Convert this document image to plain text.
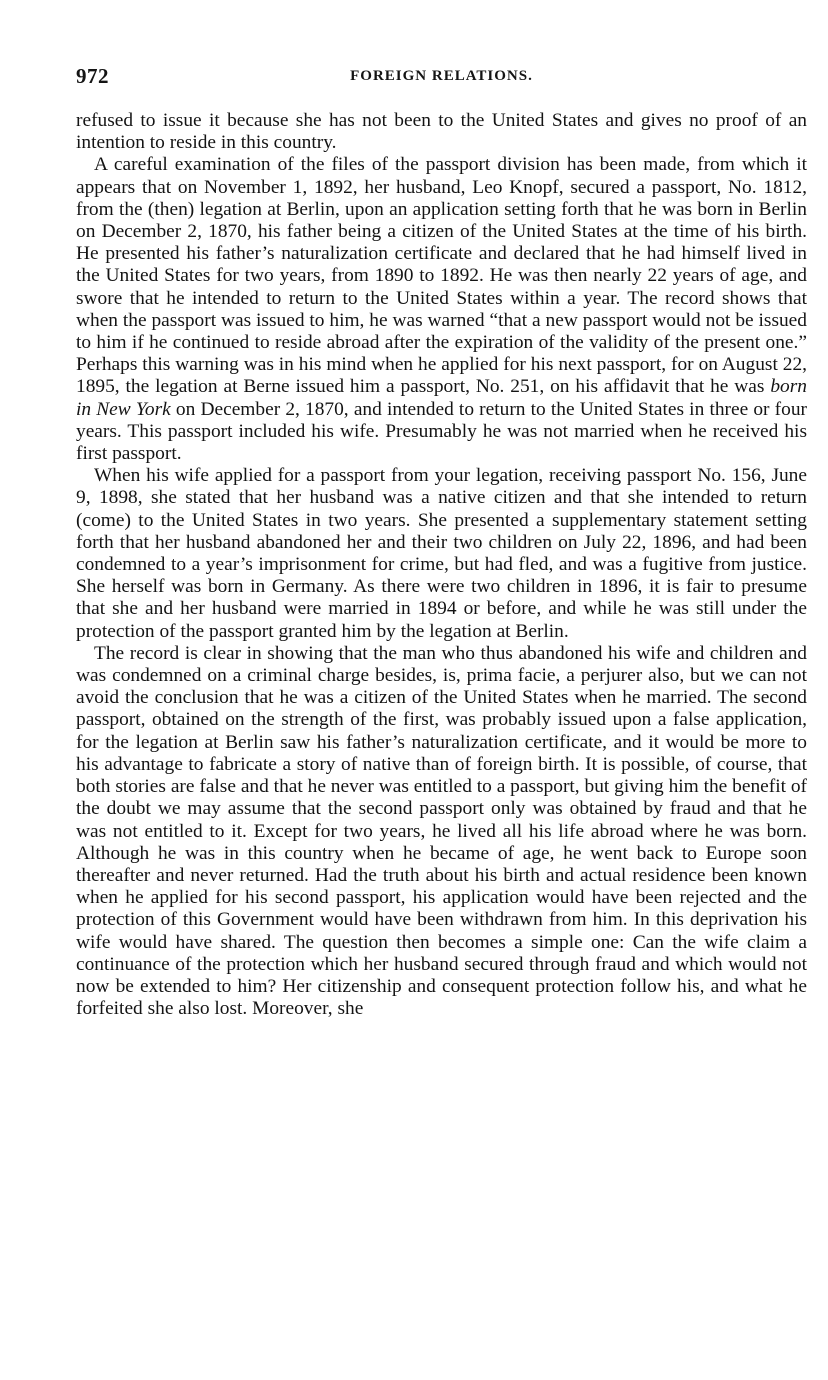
972	FOREIGN RELATIONS.

refused to issue it because she has not been to the United States and gives no proof of an intention to reside in this country.

A careful examination of the files of the passport division has been made, from which it appears that on November 1, 1892, her husband, Leo Knopf, secured a passport, No. 1812, from the (then) legation at Berlin, upon an application setting forth that he was born in Berlin on December 2, 1870, his father being a citizen of the United States at the time of his birth. He presented his father’s naturalization certificate and declared that he had himself lived in the United States for two years, from 1890 to 1892. He was then nearly 22 years of age, and swore that he intended to return to the United States within a year. The record shows that when the passport was issued to him, he was warned “that a new passport would not be issued to him if he continued to reside abroad after the expiration of the validity of the present one.” Perhaps this warning was in his mind when he applied for his next passport, for on August 22, 1895, the legation at Berne issued him a passport, No. 251, on his affidavit that he was born in New York on December 2, 1870, and intended to return to the United States in three or four years. This passport included his wife. Presumably he was not married when he received his first passport.

When his wife applied for a passport from your legation, receiving passport No. 156, June 9, 1898, she stated that her husband was a native citizen and that she intended to return (come) to the United States in two years. She presented a supplementary statement setting forth that her husband abandoned her and their two children on July 22, 1896, and had been condemned to a year’s imprisonment for crime, but had fled, and was a fugitive from justice. She herself was born in Germany. As there were two children in 1896, it is fair to presume that she and her husband were married in 1894 or before, and while he was still under the protection of the passport granted him by the legation at Berlin.

The record is clear in showing that the man who thus abandoned his wife and children and was condemned on a criminal charge besides, is, prima facie, a perjurer also, but we can not avoid the conclusion that he was a citizen of the United States when he married. The second passport, obtained on the strength of the first, was probably issued upon a false application, for the legation at Berlin saw his father’s naturalization certificate, and it would be more to his advantage to fabricate a story of native than of foreign birth. It is possible, of course, that both stories are false and that he never was entitled to a passport, but giving him the benefit of the doubt we may assume that the second passport only was obtained by fraud and that he was not entitled to it. Except for two years, he lived all his life abroad where he was born. Although he was in this country when he became of age, he went back to Europe soon thereafter and never returned. Had the truth about his birth and actual residence been known when he applied for his second passport, his application would have been rejected and the protection of this Government would have been withdrawn from him. In this deprivation his wife would have shared. The question then becomes a simple one: Can the wife claim a continuance of the protection which her husband secured through fraud and which would not now be extended to him? Her citizenship and consequent protection follow his, and what he forfeited she also lost. Moreover, she
